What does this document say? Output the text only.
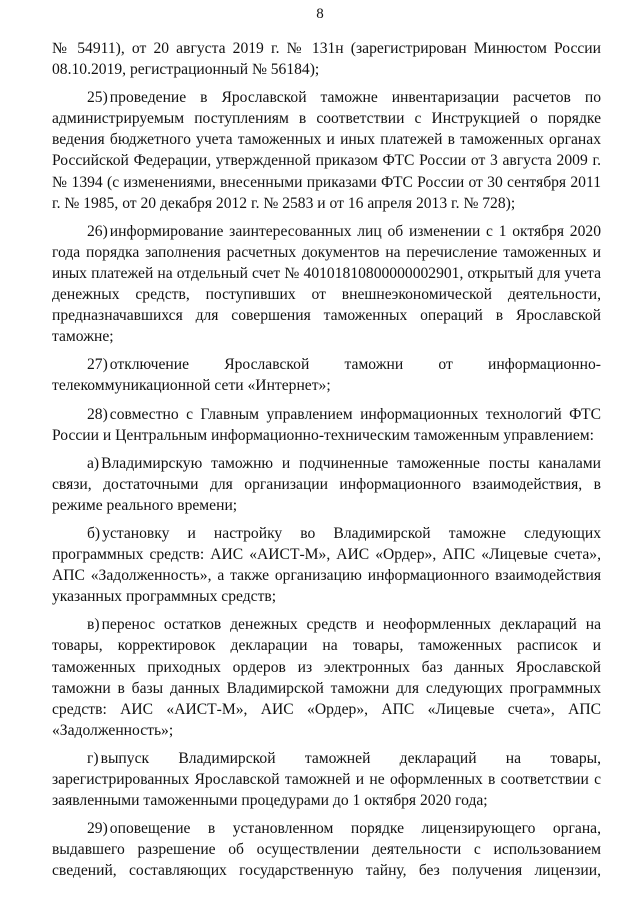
8

№ 54911), от 20 августа 2019 г. № 131н (зарегистрирован Минюстом России 08.10.2019, регистрационный № 56184);

25) проведение в Ярославской таможне инвентаризации расчетов по администрируемым поступлениям в соответствии с Инструкцией о порядке ведения бюджетного учета таможенных и иных платежей в таможенных органах Российской Федерации, утвержденной приказом ФТС России от 3 августа 2009 г. № 1394 (с изменениями, внесенными приказами ФТС России от 30 сентября 2011 г. № 1985, от 20 декабря 2012 г. № 2583 и от 16 апреля 2013 г. № 728);

26) информирование заинтересованных лиц об изменении с 1 октября 2020 года порядка заполнения расчетных документов на перечисление таможенных и иных платежей на отдельный счет № 40101810800000002901, открытый для учета денежных средств, поступивших от внешнеэкономической деятельности, предназначавшихся для совершения таможенных операций в Ярославской таможне;

27) отключение Ярославской таможни от информационно-телекоммуникационной сети «Интернет»;

28) совместно с Главным управлением информационных технологий ФТС России и Центральным информационно-техническим таможенным управлением:

а) Владимирскую таможню и подчиненные таможенные посты каналами связи, достаточными для организации информационного взаимодействия, в режиме реального времени;

б) установку и настройку во Владимирской таможне следующих программных средств: АИС «АИСТ-М», АИС «Ордер», АПС «Лицевые счета», АПС «Задолженность», а также организацию информационного взаимодействия указанных программных средств;

в) перенос остатков денежных средств и неоформленных деклараций на товары, корректировок декларации на товары, таможенных расписок и таможенных приходных ордеров из электронных баз данных Ярославской таможни в базы данных Владимирской таможни для следующих программных средств: АИС «АИСТ-М», АИС «Ордер», АПС «Лицевые счета», АПС «Задолженность»;

г) выпуск Владимирской таможней деклараций на товары, зарегистрированных Ярославской таможней и не оформленных в соответствии с заявленными таможенными процедурами до 1 октября 2020 года;

29) оповещение в установленном порядке лицензирующего органа, выдавшего разрешение об осуществлении деятельности с использованием сведений, составляющих государственную тайну, без получения лицензии,
